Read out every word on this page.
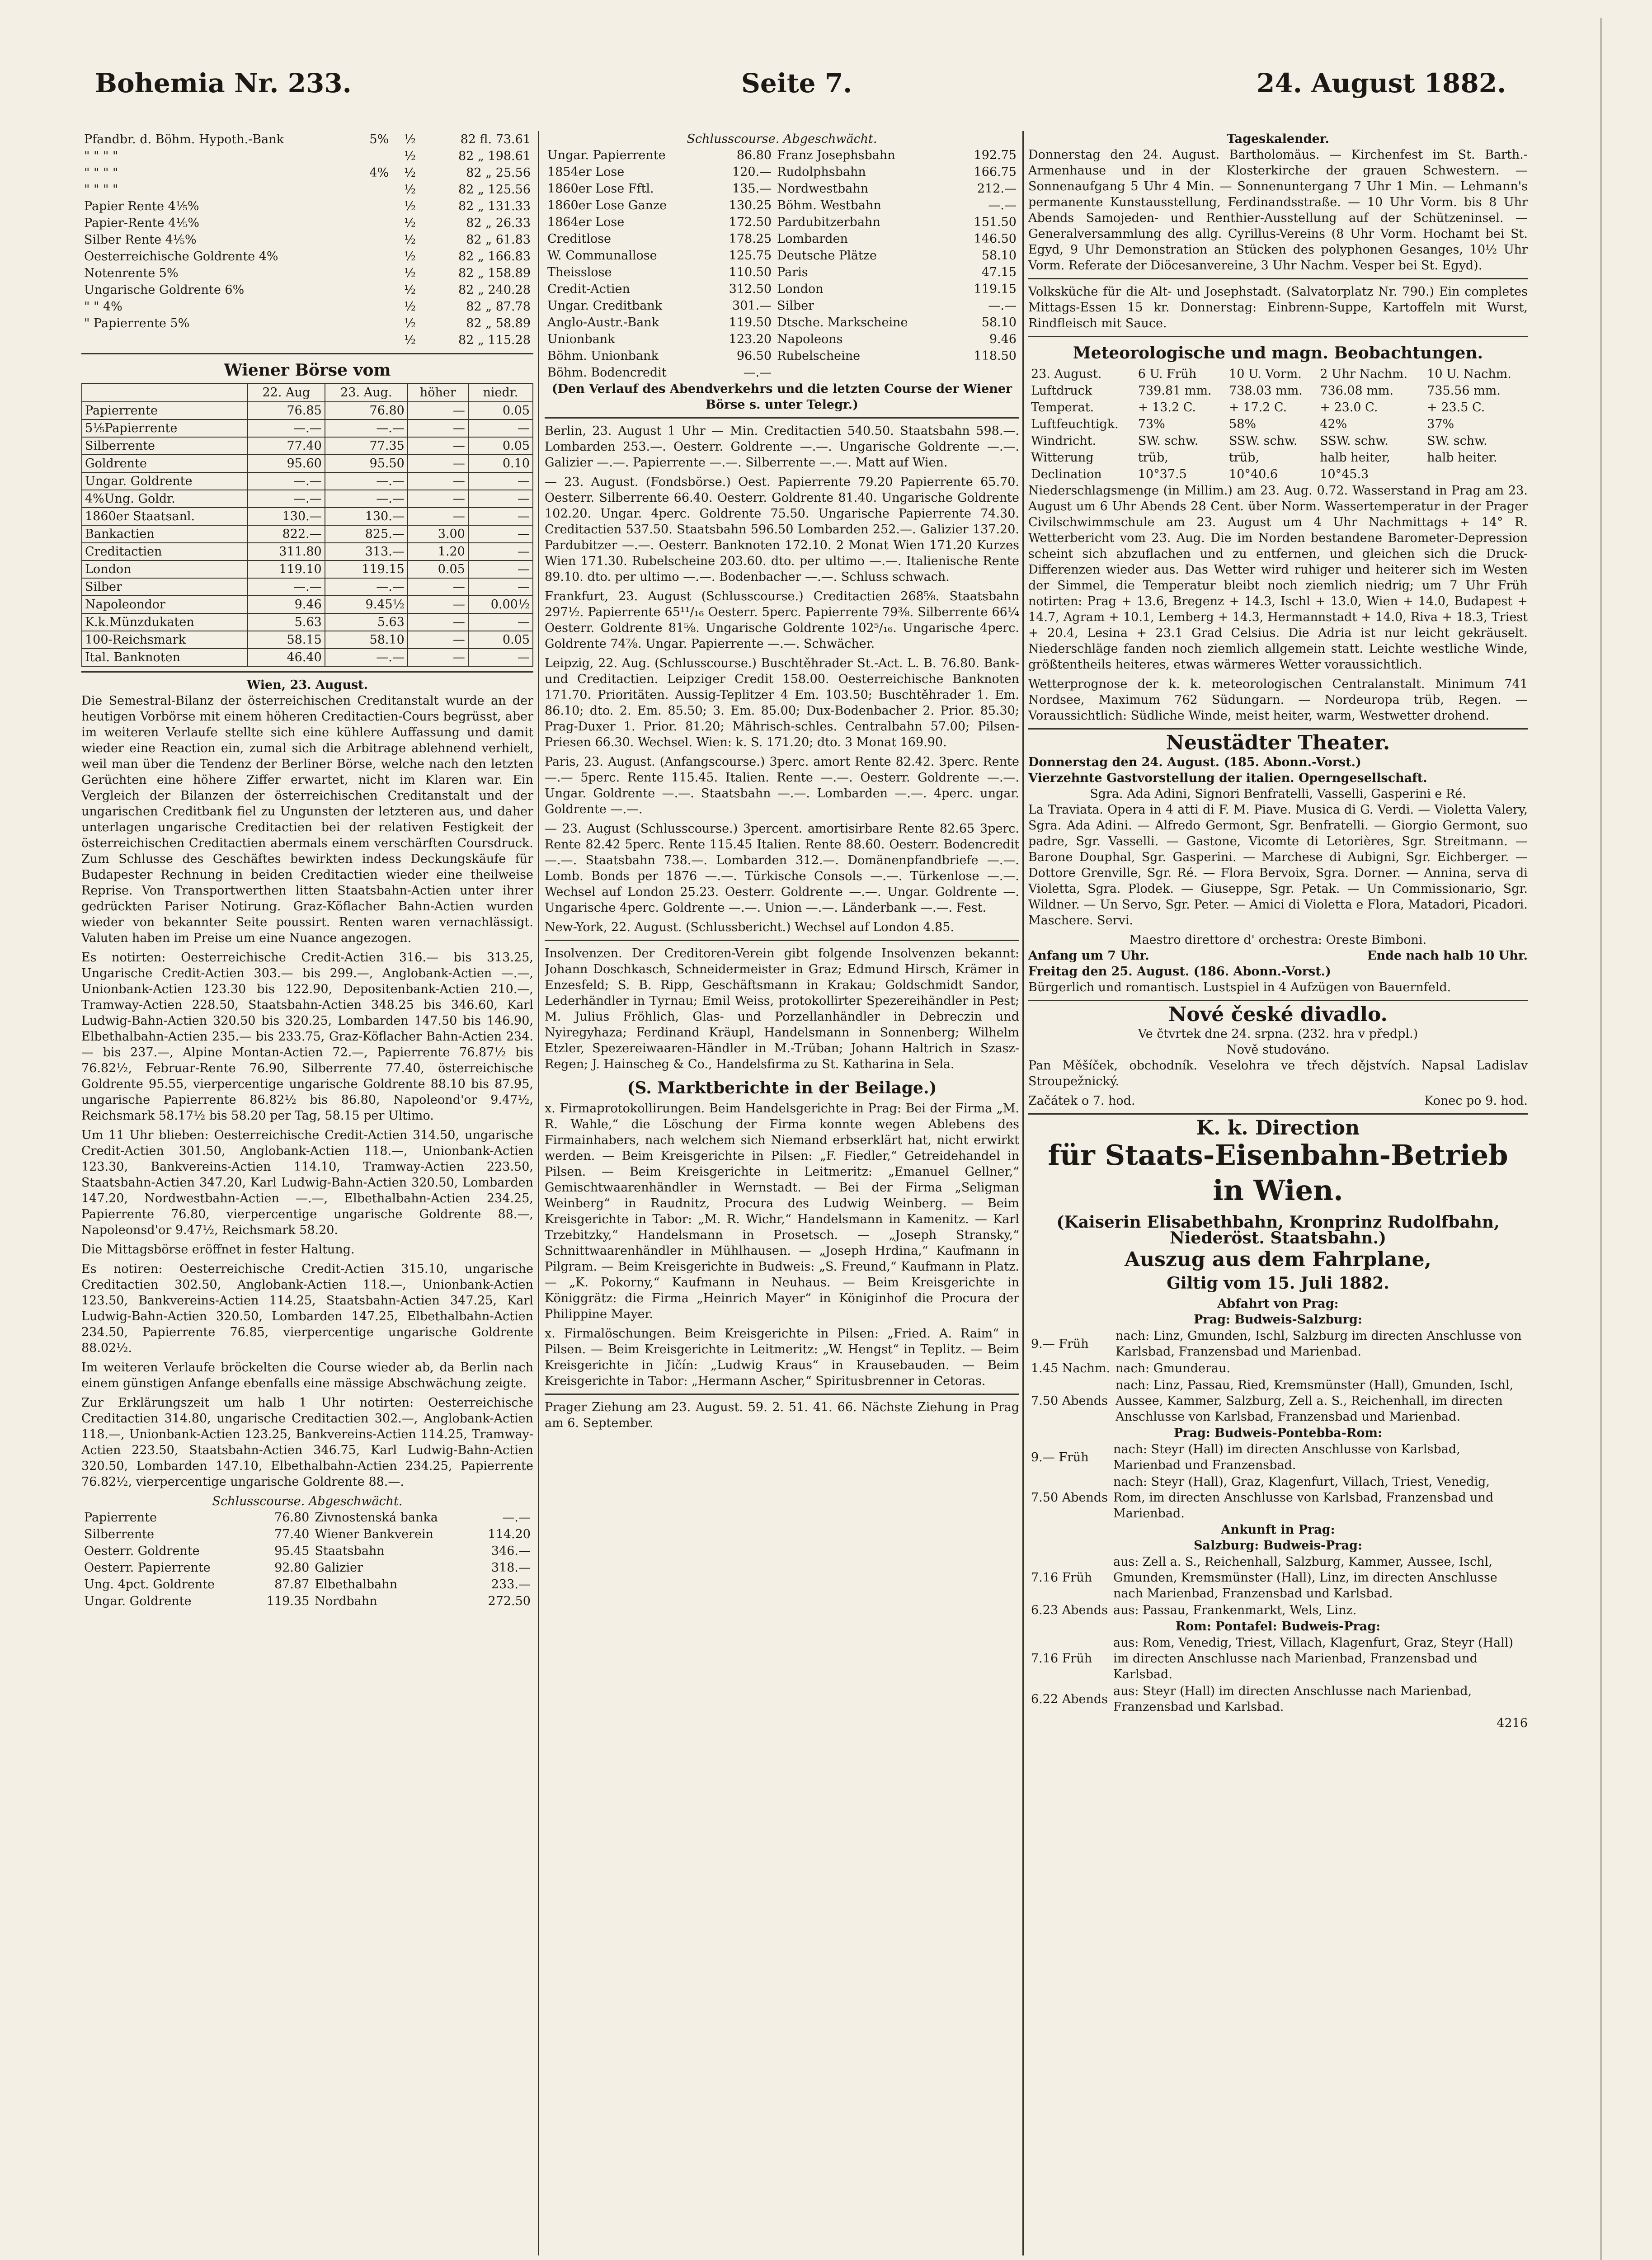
Bohemia Nr. 233.	Seite 7.	24. August 1882.
Pfandbr. d. Böhm. Hypoth.-Bank	5%	½	82 fl. 73.61
" " " "		½	82 „ 198.61
" " " "	4%	½	82 „ 25.56
" " " "		½	82 „ 125.56
Papier Rente 4⅕%		½	82 „ 131.33
Papier-Rente 4⅕%		½	82 „ 26.33
Silber Rente 4⅕%		½	82 „ 61.83
Oesterreichische Goldrente 4%		½	82 „ 166.83
Notenrente 5%		½	82 „ 158.89
Ungarische Goldrente 6%		½	82 „ 240.28
" " 4%		½	82 „ 87.78
" Papierrente 5%		½	82 „ 58.89
		½	82 „ 115.28
Wiener Börse vom
	22. Aug	23. Aug.	höher	niedr.
Papierrente	76.85	76.80	—	0.05
5⅕Papierrente	—.—	—.—	—	—
Silberrente	77.40	77.35	—	0.05
Goldrente	95.60	95.50	—	0.10
Ungar. Goldrente	—.—	—.—	—	—
4%Ung. Goldr.	—.—	—.—	—	—
1860er Staatsanl.	130.—	130.—	—	—
Bankactien	822.—	825.—	3.00	—
Creditactien	311.80	313.—	1.20	—
London	119.10	119.15	0.05	—
Silber	—.—	—.—	—	—
Napoleondor	9.46	9.45½	—	0.00½
K.k.Münzdukaten	5.63	5.63	—	—
100-Reichsmark	58.15	58.10	—	0.05
Ital. Banknoten	46.40	—.—	—	—
Wien, 23. August.

Die Semestral-Bilanz der österreichischen Creditanstalt wurde an der heutigen Vorbörse mit einem höheren Creditactien-Cours begrüsst, aber im weiteren Verlaufe stellte sich eine kühlere Auffassung und damit wieder eine Reaction ein, zumal sich die Arbitrage ablehnend verhielt, weil man über die Tendenz der Berliner Börse, welche nach den letzten Gerüchten eine höhere Ziffer erwartet, nicht im Klaren war. Ein Vergleich der Bilanzen der österreichischen Creditanstalt und der ungarischen Creditbank fiel zu Ungunsten der letzteren aus, und daher unterlagen ungarische Creditactien bei der relativen Festigkeit der österreichischen Creditactien abermals einem verschärften Coursdruck. Zum Schlusse des Geschäftes bewirkten indess Deckungskäufe für Budapester Rechnung in beiden Creditactien wieder eine theilweise Reprise. Von Transportwerthen litten Staatsbahn-Actien unter ihrer gedrückten Pariser Notirung. Graz-Köflacher Bahn-Actien wurden wieder von bekannter Seite poussirt. Renten waren vernachlässigt. Valuten haben im Preise um eine Nuance angezogen.

Es notirten: Oesterreichische Credit-Actien 316.— bis 313.25, Ungarische Credit-Actien 303.— bis 299.—, Anglobank-Actien —.—, Unionbank-Actien 123.30 bis 122.90, Depositenbank-Actien 210.—, Tramway-Actien 228.50, Staatsbahn-Actien 348.25 bis 346.60, Karl Ludwig-Bahn-Actien 320.50 bis 320.25, Lombarden 147.50 bis 146.90, Elbethalbahn-Actien 235.— bis 233.75, Graz-Köflacher Bahn-Actien 234.— bis 237.—, Alpine Montan-Actien 72.—, Papierrente 76.87½ bis 76.82½, Februar-Rente 76.90, Silberrente 77.40, österreichische Goldrente 95.55, vierpercentige ungarische Goldrente 88.10 bis 87.95, ungarische Papierrente 86.82½ bis 86.80, Napoleond'or 9.47½, Reichsmark 58.17½ bis 58.20 per Tag, 58.15 per Ultimo.

Um 11 Uhr blieben: Oesterreichische Credit-Actien 314.50, ungarische Credit-Actien 301.50, Anglobank-Actien 118.—, Unionbank-Actien 123.30, Bankvereins-Actien 114.10, Tramway-Actien 223.50, Staatsbahn-Actien 347.20, Karl Ludwig-Bahn-Actien 320.50, Lombarden 147.20, Nordwestbahn-Actien —.—, Elbethalbahn-Actien 234.25, Papierrente 76.80, vierpercentige ungarische Goldrente 88.—, Napoleonsd'or 9.47½, Reichsmark 58.20.

Die Mittagsbörse eröffnet in fester Haltung.

Es notiren: Oesterreichische Credit-Actien 315.10, ungarische Creditactien 302.50, Anglobank-Actien 118.—, Unionbank-Actien 123.50, Bankvereins-Actien 114.25, Staatsbahn-Actien 347.25, Karl Ludwig-Bahn-Actien 320.50, Lombarden 147.25, Elbethalbahn-Actien 234.50, Papierrente 76.85, vierpercentige ungarische Goldrente 88.02½.

Im weiteren Verlaufe bröckelten die Course wieder ab, da Berlin nach einem günstigen Anfange ebenfalls eine mässige Abschwächung zeigte.

Zur Erklärungszeit um halb 1 Uhr notirten: Oesterreichische Creditactien 314.80, ungarische Creditactien 302.—, Anglobank-Actien 118.—, Unionbank-Actien 123.25, Bankvereins-Actien 114.25, Tramway-Actien 223.50, Staatsbahn-Actien 346.75, Karl Ludwig-Bahn-Actien 320.50, Lombarden 147.10, Elbethalbahn-Actien 234.25, Papierrente 76.82½, vierpercentige ungarische Goldrente 88.—.

Schlusscourse. Abgeschwächt.
Papierrente	76.80	Zivnostenská banka	—.—
Silberrente	77.40	Wiener Bankverein	114.20
Oesterr. Goldrente	95.45	Staatsbahn	346.—
Oesterr. Papierrente	92.80	Galizier	318.—
Ung. 4pct. Goldrente	87.87	Elbethalbahn	233.—
Ungar. Goldrente	119.35	Nordbahn	272.50
Schlusscourse. Abgeschwächt.
Ungar. Papierrente	86.80	Franz Josephsbahn	192.75
1854er Lose	120.—	Rudolphsbahn	166.75
1860er Lose Fftl.	135.—	Nordwestbahn	212.—
1860er Lose Ganze	130.25	Böhm. Westbahn	—.—
1864er Lose	172.50	Pardubitzerbahn	151.50
Creditlose	178.25	Lombarden	146.50
W. Communallose	125.75	Deutsche Plätze	58.10
Theisslose	110.50	Paris	47.15
Credit-Actien	312.50	London	119.15
Ungar. Creditbank	301.—	Silber	—.—
Anglo-Austr.-Bank	119.50	Dtsche. Markscheine	58.10
Unionbank	123.20	Napoleons	9.46
Böhm. Unionbank	96.50	Rubelscheine	118.50
Böhm. Bodencredit	—.—		

(Den Verlauf des Abendverkehrs und die letzten Course der Wiener Börse s. unter Telegr.)

Berlin, 23. August 1 Uhr — Min. Creditactien 540.50. Staatsbahn 598.—. Lombarden 253.—. Oesterr. Goldrente —.—. Ungarische Goldrente —.—. Galizier —.—. Papierrente —.—. Silberrente —.—. Matt auf Wien.

— 23. August. (Fondsbörse.) Oest. Papierrente 79.20 Papierrente 65.70. Oesterr. Silberrente 66.40. Oesterr. Goldrente 81.40. Ungarische Goldrente 102.20. Ungar. 4perc. Goldrente 75.50. Ungarische Papierrente 74.30. Creditactien 537.50. Staatsbahn 596.50 Lombarden 252.—. Galizier 137.20. Pardubitzer —.—. Oesterr. Banknoten 172.10. 2 Monat Wien 171.20 Kurzes Wien 171.30. Rubelscheine 203.60. dto. per ultimo —.—. Italienische Rente 89.10. dto. per ultimo —.—. Bodenbacher —.—. Schluss schwach.

Frankfurt, 23. August (Schlusscourse.) Creditactien 268⅝. Staatsbahn 297½. Papierrente 65¹¹/₁₆ Oesterr. 5perc. Papierrente 79⅜. Silberrente 66¼ Oesterr. Goldrente 81⅝. Ungarische Goldrente 102⁵/₁₆. Ungarische 4perc. Goldrente 74⅞. Ungar. Papierrente —.—. Schwächer.

Leipzig, 22. Aug. (Schlusscourse.) Buschtěhrader St.-Act. L. B. 76.80. Bank- und Creditactien. Leipziger Credit 158.00. Oesterreichische Banknoten 171.70. Prioritäten. Aussig-Teplitzer 4 Em. 103.50; Buschtěhrader 1. Em. 86.10; dto. 2. Em. 85.50; 3. Em. 85.00; Dux-Bodenbacher 2. Prior. 85.30; Prag-Duxer 1. Prior. 81.20; Mährisch-schles. Centralbahn 57.00; Pilsen-Priesen 66.30. Wechsel. Wien: k. S. 171.20; dto. 3 Monat 169.90.

Paris, 23. August. (Anfangscourse.) 3perc. amort Rente 82.42. 3perc. Rente —.— 5perc. Rente 115.45. Italien. Rente —.—. Oesterr. Goldrente —.—. Ungar. Goldrente —.—. Staatsbahn —.—. Lombarden —.—. 4perc. ungar. Goldrente —.—.

— 23. August (Schlusscourse.) 3percent. amortisirbare Rente 82.65 3perc. Rente 82.42 5perc. Rente 115.45 Italien. Rente 88.60. Oesterr. Bodencredit —.—. Staatsbahn 738.—. Lombarden 312.—. Domänenpfandbriefe —.—. Lomb. Bonds per 1876 —.—. Türkische Consols —.—. Türkenlose —.—. Wechsel auf London 25.23. Oesterr. Goldrente —.—. Ungar. Goldrente —. Ungarische 4perc. Goldrente —.—. Union —.—. Länderbank —.—. Fest.

New-York, 22. August. (Schlussbericht.) Wechsel auf London 4.85.

Insolvenzen. Der Creditoren-Verein gibt folgende Insolvenzen bekannt: Johann Doschkasch, Schneidermeister in Graz; Edmund Hirsch, Krämer in Enzesfeld; S. B. Ripp, Geschäftsmann in Krakau; Goldschmidt Sandor, Lederhändler in Tyrnau; Emil Weiss, protokollirter Spezereihändler in Pest; M. Julius Fröhlich, Glas- und Porzellanhändler in Debreczin und Nyiregyhaza; Ferdinand Kräupl, Handelsmann in Sonnenberg; Wilhelm Etzler, Spezereiwaaren-Händler in M.-Trüban; Johann Haltrich in Szasz-Regen; J. Hainscheg & Co., Handelsfirma zu St. Katharina in Sela.

(S. Marktberichte in der Beilage.)

x. Firmaprotokollirungen. Beim Handelsgerichte in Prag: Bei der Firma „M. R. Wahle,“ die Löschung der Firma konnte wegen Ablebens des Firmainhabers, nach welchem sich Niemand erbserklärt hat, nicht erwirkt werden. — Beim Kreisgerichte in Pilsen: „F. Fiedler,“ Getreidehandel in Pilsen. — Beim Kreisgerichte in Leitmeritz: „Emanuel Gellner,“ Gemischtwaarenhändler in Wernstadt. — Bei der Firma „Seligman Weinberg“ in Raudnitz, Procura des Ludwig Weinberg. — Beim Kreisgerichte in Tabor: „M. R. Wichr,“ Handelsmann in Kamenitz. — Karl Trzebitzky,“ Handelsmann in Prosetsch. — „Joseph Stransky,“ Schnittwaarenhändler in Mühlhausen. — „Joseph Hrdina,“ Kaufmann in Pilgram. — Beim Kreisgerichte in Budweis: „S. Freund,“ Kaufmann in Platz. — „K. Pokorny,“ Kaufmann in Neuhaus. — Beim Kreisgerichte in Königgrätz: die Firma „Heinrich Mayer“ in Königinhof die Procura der Philippine Mayer.

x. Firmalöschungen. Beim Kreisgerichte in Pilsen: „Fried. A. Raim“ in Pilsen. — Beim Kreisgerichte in Leitmeritz: „W. Hengst“ in Teplitz. — Beim Kreisgerichte in Jičín: „Ludwig Kraus“ in Krausebauden. — Beim Kreisgerichte in Tabor: „Hermann Ascher,“ Spiritusbrenner in Cetoras.

Prager Ziehung am 23. August. 59. 2. 51. 41. 66. Nächste Ziehung in Prag am 6. September.

Tageskalender.

Donnerstag den 24. August. Bartholomäus. — Kirchenfest im St. Barth.-Armenhause und in der Klosterkirche der grauen Schwestern. — Sonnenaufgang 5 Uhr 4 Min. — Sonnenuntergang 7 Uhr 1 Min. — Lehmann's permanente Kunstausstellung, Ferdinandsstraße. — 10 Uhr Vorm. bis 8 Uhr Abends Samojeden- und Renthier-Ausstellung auf der Schützeninsel. — Generalversammlung des allg. Cyrillus-Vereins (8 Uhr Vorm. Hochamt bei St. Egyd, 9 Uhr Demonstration an Stücken des polyphonen Gesanges, 10½ Uhr Vorm. Referate der Diöcesanvereine, 3 Uhr Nachm. Vesper bei St. Egyd).

Volksküche für die Alt- und Josephstadt. (Salvatorplatz Nr. 790.) Ein completes Mittags-Essen 15 kr. Donnerstag: Einbrenn-Suppe, Kartoffeln mit Wurst, Rindfleisch mit Sauce.

Meteorologische und magn. Beobachtungen.
23. August.	6 U. Früh	10 U. Vorm.	2 Uhr Nachm.	10 U. Nachm.
Luftdruck	739.81 mm.	738.03 mm.	736.08 mm.	735.56 mm.
Temperat.	+ 13.2 C.	+ 17.2 C.	+ 23.0 C.	+ 23.5 C.
Luftfeuchtigk.	73%	58%	42%	37%
Windricht.	SW. schw.	SSW. schw.	SSW. schw.	SW. schw.
Witterung	trüb,	trüb,	halb heiter,	halb heiter.
Declination	10°37.5	10°40.6	10°45.3	

Niederschlagsmenge (in Millim.) am 23. Aug. 0.72. Wasserstand in Prag am 23. August um 6 Uhr Abends 28 Cent. über Norm. Wassertemperatur in der Prager Civilschwimmschule am 23. August um 4 Uhr Nachmittags + 14° R. Wetterbericht vom 23. Aug. Die im Norden bestandene Barometer-Depression scheint sich abzuflachen und zu entfernen, und gleichen sich die Druck-Differenzen wieder aus. Das Wetter wird ruhiger und heiterer sich im Westen der Simmel, die Temperatur bleibt noch ziemlich niedrig; um 7 Uhr Früh notirten: Prag + 13.6, Bregenz + 14.3, Ischl + 13.0, Wien + 14.0, Budapest + 14.7, Agram + 10.1, Lemberg + 14.3, Hermannstadt + 14.0, Riva + 18.3, Triest + 20.4, Lesina + 23.1 Grad Celsius. Die Adria ist nur leicht gekräuselt. Niederschläge fanden noch ziemlich allgemein statt. Leichte westliche Winde, größtentheils heiteres, etwas wärmeres Wetter voraussichtlich.

Wetterprognose der k. k. meteorologischen Centralanstalt. Minimum 741 Nordsee, Maximum 762 Südungarn. — Nordeuropa trüb, Regen. — Voraussichtlich: Südliche Winde, meist heiter, warm, Westwetter drohend.

Neustädter Theater.
Donnerstag den 24. August. (185. Abonn.-Vorst.)
Vierzehnte Gastvorstellung der italien. Operngesellschaft.
Sgra. Ada Adini, Signori Benfratelli, Vasselli, Gasperini e Ré.

La Traviata. Opera in 4 atti di F. M. Piave. Musica di G. Verdi. — Violetta Valery, Sgra. Ada Adini. — Alfredo Germont, Sgr. Benfratelli. — Giorgio Germont, suo padre, Sgr. Vasselli. — Gastone, Vicomte di Letorières, Sgr. Streitmann. — Barone Douphal, Sgr. Gasperini. — Marchese di Aubigni, Sgr. Eichberger. — Dottore Grenville, Sgr. Ré. — Flora Bervoix, Sgra. Dorner. — Annina, serva di Violetta, Sgra. Plodek. — Giuseppe, Sgr. Petak. — Un Commissionario, Sgr. Wildner. — Un Servo, Sgr. Peter. — Amici di Violetta e Flora, Matadori, Picadori. Maschere. Servi.

Maestro direttore d' orchestra: Oreste Bimboni.
Anfang um 7 Uhr.	Ende nach halb 10 Uhr.
Freitag den 25. August. (186. Abonn.-Vorst.)
Bürgerlich und romantisch. Lustspiel in 4 Aufzügen von Bauernfeld.
Nové české divadlo.
Ve čtvrtek dne 24. srpna. (232. hra v předpl.)
Nově studováno.

Pan Měšíček, obchodník. Veselohra ve třech dějstvích. Napsal Ladislav Stroupežnický.

Začátek o 7. hod.	Konec po 9. hod.
K. k. Direction
für Staats-Eisenbahn-Betrieb
in Wien.
(Kaiserin Elisabethbahn, Kronprinz Rudolfbahn, Niederöst. Staatsbahn.)
Auszug aus dem Fahrplane,
Giltig vom 15. Juli 1882.
Abfahrt von Prag:
Prag: Budweis-Salzburg:
9.— Früh	nach: Linz, Gmunden, Ischl, Salzburg im directen Anschlusse von Karlsbad, Franzensbad und Marienbad.
1.45 Nachm.	nach: Gmunderau.
7.50 Abends	nach: Linz, Passau, Ried, Kremsmünster (Hall), Gmunden, Ischl, Aussee, Kammer, Salzburg, Zell a. S., Reichenhall, im directen Anschlusse von Karlsbad, Franzensbad und Marienbad.
Prag: Budweis-Pontebba-Rom:
9.— Früh	nach: Steyr (Hall) im directen Anschlusse von Karlsbad, Marienbad und Franzensbad.
7.50 Abends	nach: Steyr (Hall), Graz, Klagenfurt, Villach, Triest, Venedig, Rom, im directen Anschlusse von Karlsbad, Franzensbad und Marienbad.
Ankunft in Prag:
Salzburg: Budweis-Prag:
7.16 Früh	aus: Zell a. S., Reichenhall, Salzburg, Kammer, Aussee, Ischl, Gmunden, Kremsmünster (Hall), Linz, im directen Anschlusse nach Marienbad, Franzensbad und Karlsbad.
6.23 Abends	aus: Passau, Frankenmarkt, Wels, Linz.
Rom: Pontafel: Budweis-Prag:
7.16 Früh	aus: Rom, Venedig, Triest, Villach, Klagenfurt, Graz, Steyr (Hall) im directen Anschlusse nach Marienbad, Franzensbad und Karlsbad.
6.22 Abends	aus: Steyr (Hall) im directen Anschlusse nach Marienbad, Franzensbad und Karlsbad.
4216
